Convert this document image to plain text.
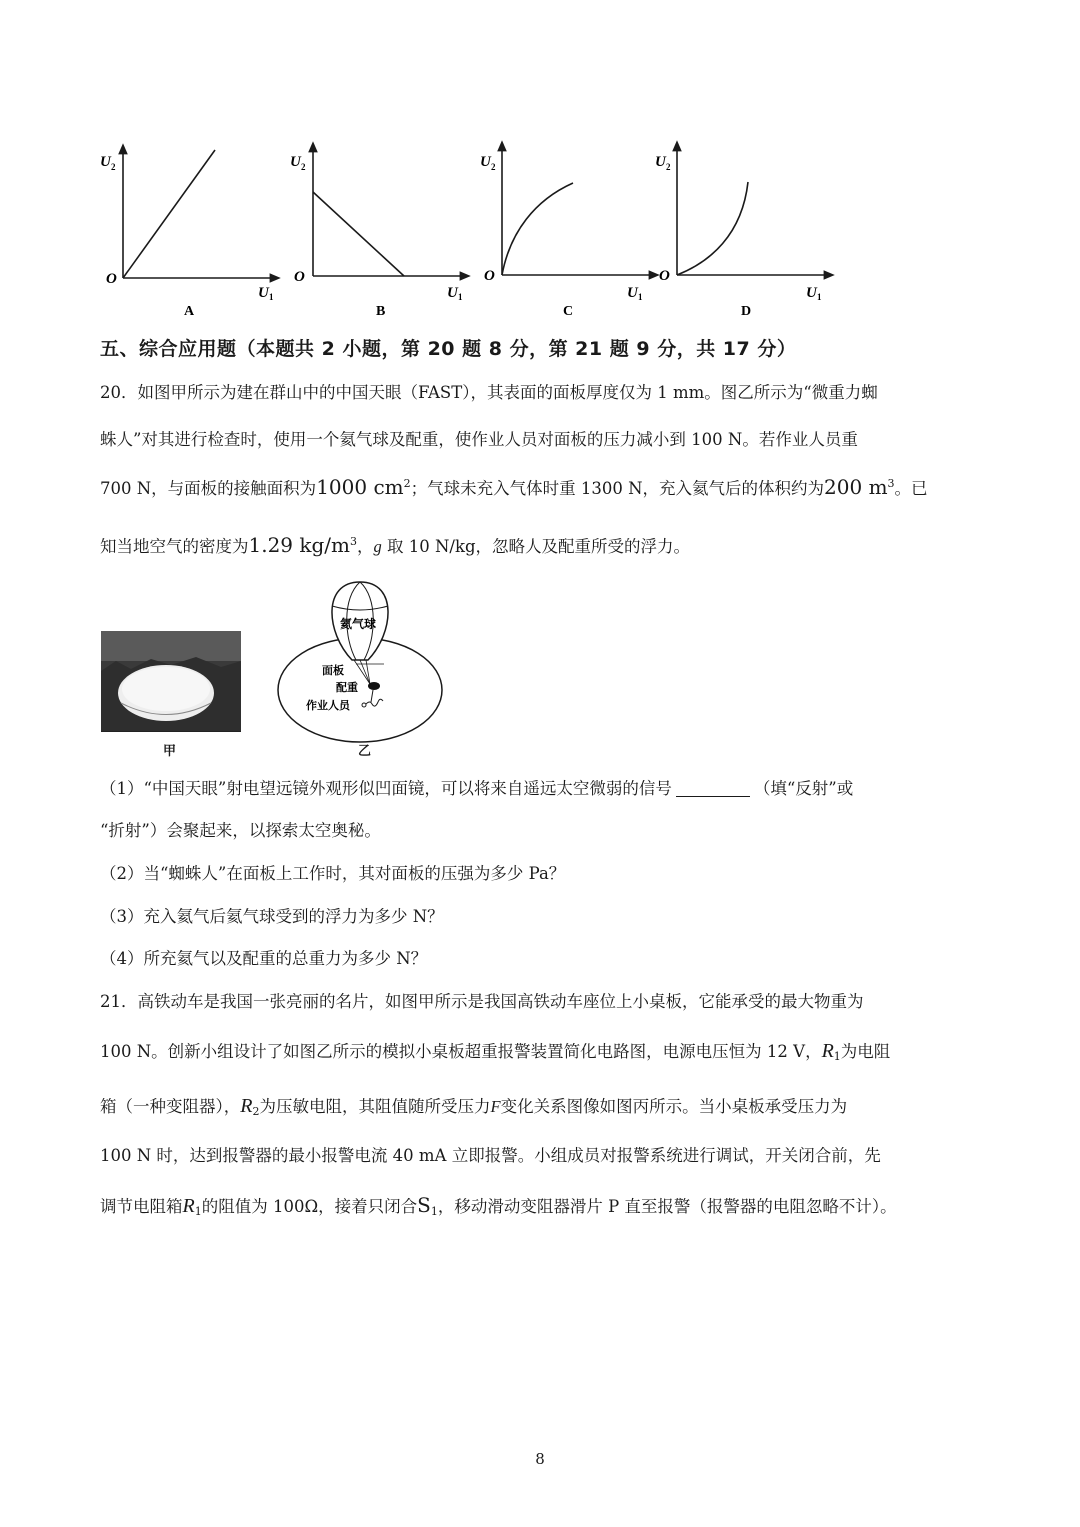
U 2
O
U 1
A
U 2
O
U 1
B
U 2
O
U 1
C
U 2
O
U 1
D
五、综合应用题（本题共 2 小题，第 20 题 8 分，第 21 题 9 分，共 17 分）
20．如图甲所示为建在群山中的中国天眼（FAST），其表面的面板厚度仅为 1 mm。图乙所示为“微重力蜘
蛛人”对其进行检查时，使用一个氦气球及配重，使作业人员对面板的压力减小到 100 N。若作业人员重
700 N，与面板的接触面积为1000 $cm^2$；气球未充入气体时重 1300 N，充入氦气后的体积约为200 $m^3$。已
知当地空气的密度为1.29 $kg/m^3$，g 取 10 N/kg，忽略人及配重所受的浮力。
甲
氦气球
面板
配重
作业人员
乙
（1）“中国天眼”射电望远镜外观形似凹面镜，可以将来自遥远太空微弱的信号	（填“反射”或
“折射”）会聚起来，以探索太空奥秘。
（2）当“蜘蛛人”在面板上工作时，其对面板的压强为多少 Pa？
（3）充入氦气后氦气球受到的浮力为多少 N？
（4）所充氦气以及配重的总重力为多少 N？
21．高铁动车是我国一张亮丽的名片，如图甲所示是我国高铁动车座位上小桌板，它能承受的最大物重为
100 N。创新小组设计了如图乙所示的模拟小桌板超重报警装置简化电路图，电源电压恒为 12 V，$R_1$为电阻
箱（一种变阻器），$R_2$为压敏电阻，其阻值随所受压力F变化关系图像如图丙所示。当小桌板承受压力为
100 N 时，达到报警器的最小报警电流 40 mA 立即报警。小组成员对报警系统进行调试，开关闭合前，先
调节电阻箱$R_1$的阻值为 100Ω，接着只闭合$S_1$，移动滑动变阻器滑片 P 直至报警（报警器的电阻忽略不计）。
8
